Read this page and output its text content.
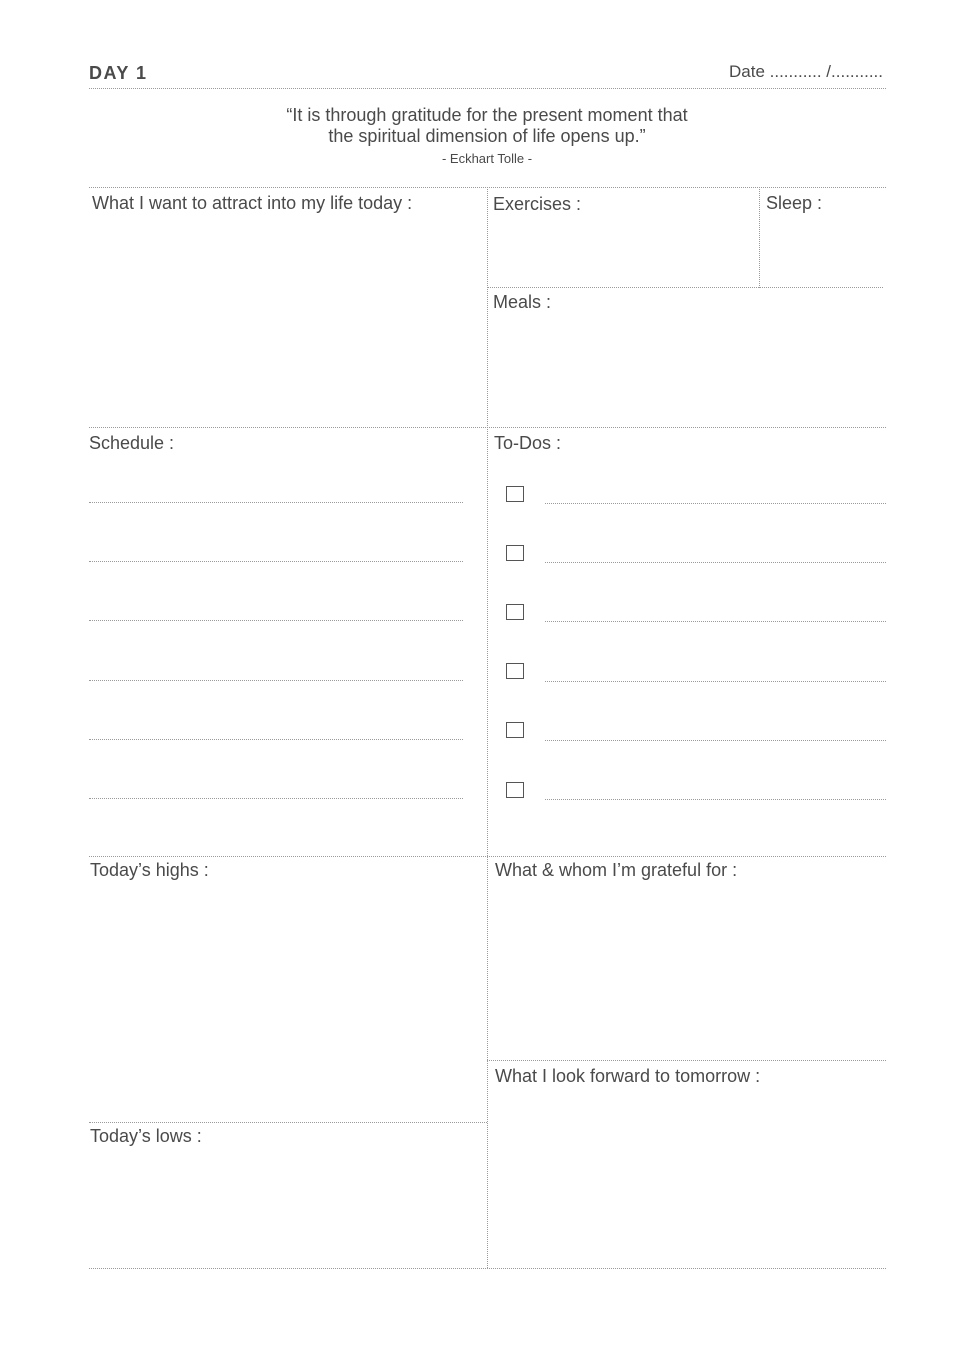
DAY 1	Date ........... /...........
“It is through gratitude for the present moment that
the spiritual dimension of life opens up.”
- Eckhart Tolle -
What I want to attract into my life today :	Exercises :	Sleep :
Meals :
Schedule :	To-Dos :
Today’s highs :	What & whom I’m grateful for :
Today’s lows :
What I look forward to tomorrow :
